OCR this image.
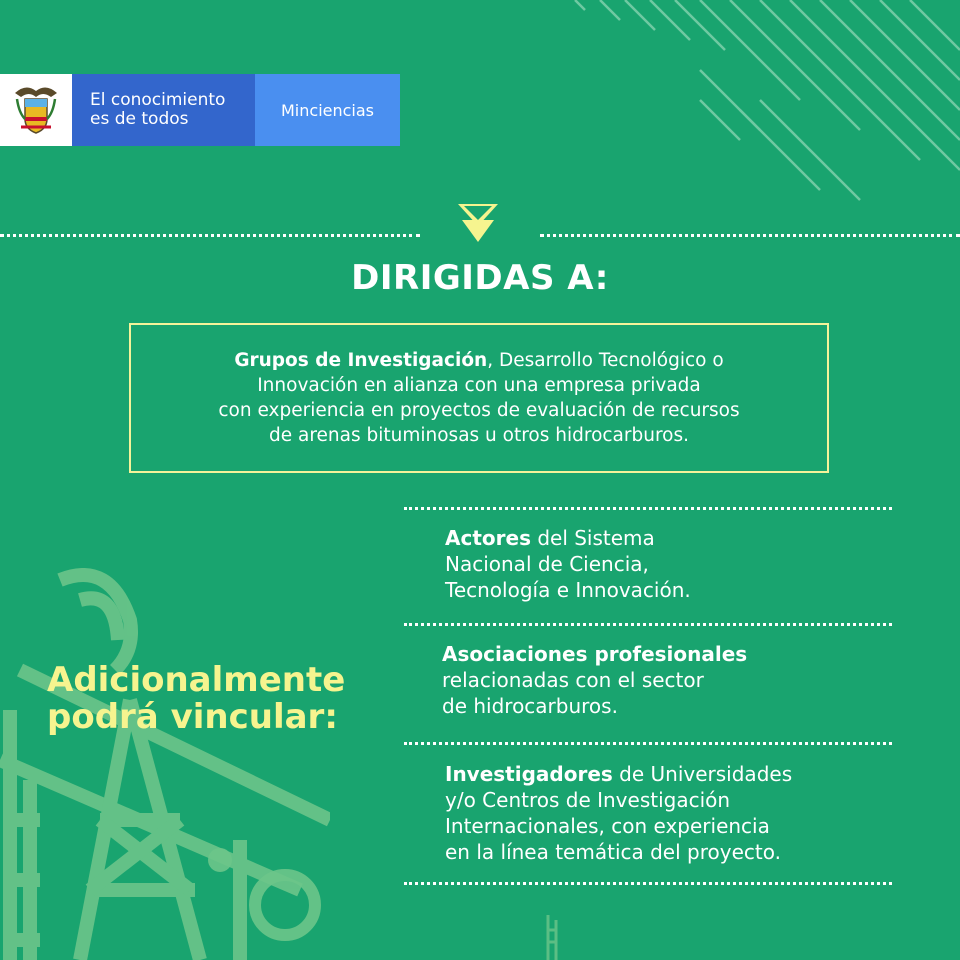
El conocimiento
es de todos	Minciencias
DIRIGIDAS A:

Grupos de Investigación, Desarrollo Tecnológico o
Innovación en alianza con una empresa privada
con experiencia en proyectos de evaluación de recursos
de arenas bituminosas u otros hidrocarburos.

Adicionalmente
podrá vincular:

Actores del Sistema
Nacional de Ciencia,
Tecnología e Innovación.

Asociaciones profesionales
relacionadas con el sector
de hidrocarburos.

Investigadores de Universidades
y/o Centros de Investigación
Internacionales, con experiencia
en la línea temática del proyecto.
